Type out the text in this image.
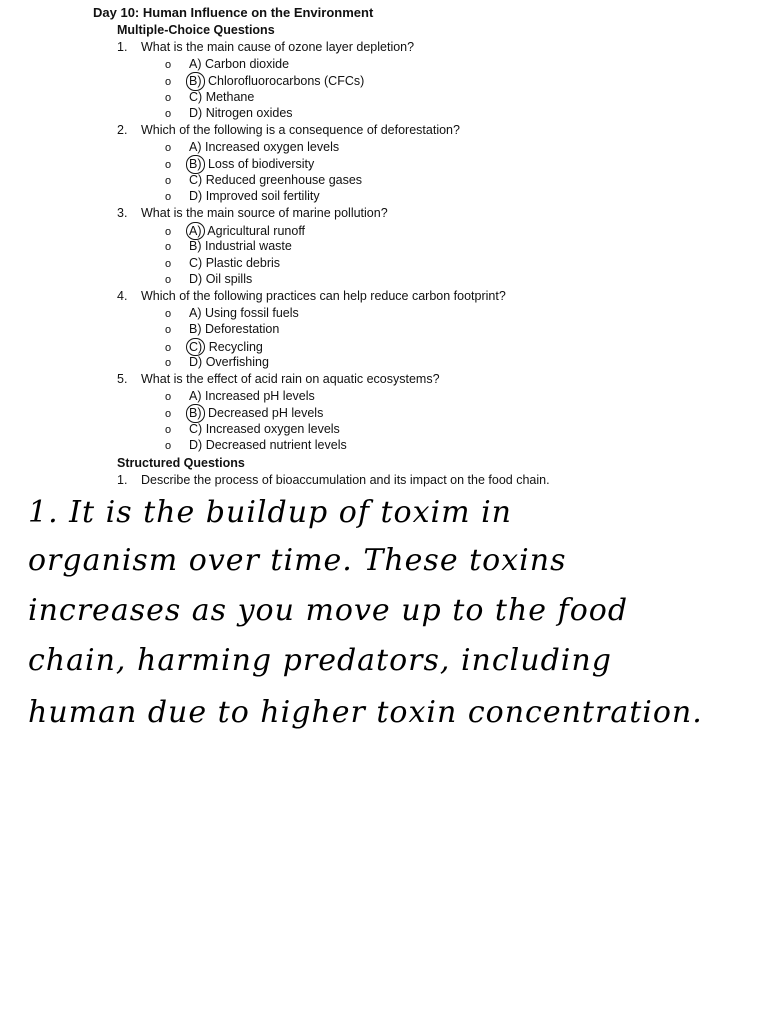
Day 10: Human Influence on the Environment
Multiple-Choice Questions
1. What is the main cause of ozone layer depletion?
o A) Carbon dioxide
o B) Chlorofluorocarbons (CFCs)
o C) Methane
o D) Nitrogen oxides
2. Which of the following is a consequence of deforestation?
o A) Increased oxygen levels
o B) Loss of biodiversity
o C) Reduced greenhouse gases
o D) Improved soil fertility
3. What is the main source of marine pollution?
o A) Agricultural runoff
o B) Industrial waste
o C) Plastic debris
o D) Oil spills
4. Which of the following practices can help reduce carbon footprint?
o A) Using fossil fuels
o B) Deforestation
o C) Recycling
o D) Overfishing
5. What is the effect of acid rain on aquatic ecosystems?
o A) Increased pH levels
o B) Decreased pH levels
o C) Increased oxygen levels
o D) Decreased nutrient levels
Structured Questions
1. Describe the process of bioaccumulation and its impact on the food chain.
1. It is the buildup of toxim in
organism over time. These toxins
increases as you move up to the food
chain, harming predators, including
human due to higher toxin concentration.
